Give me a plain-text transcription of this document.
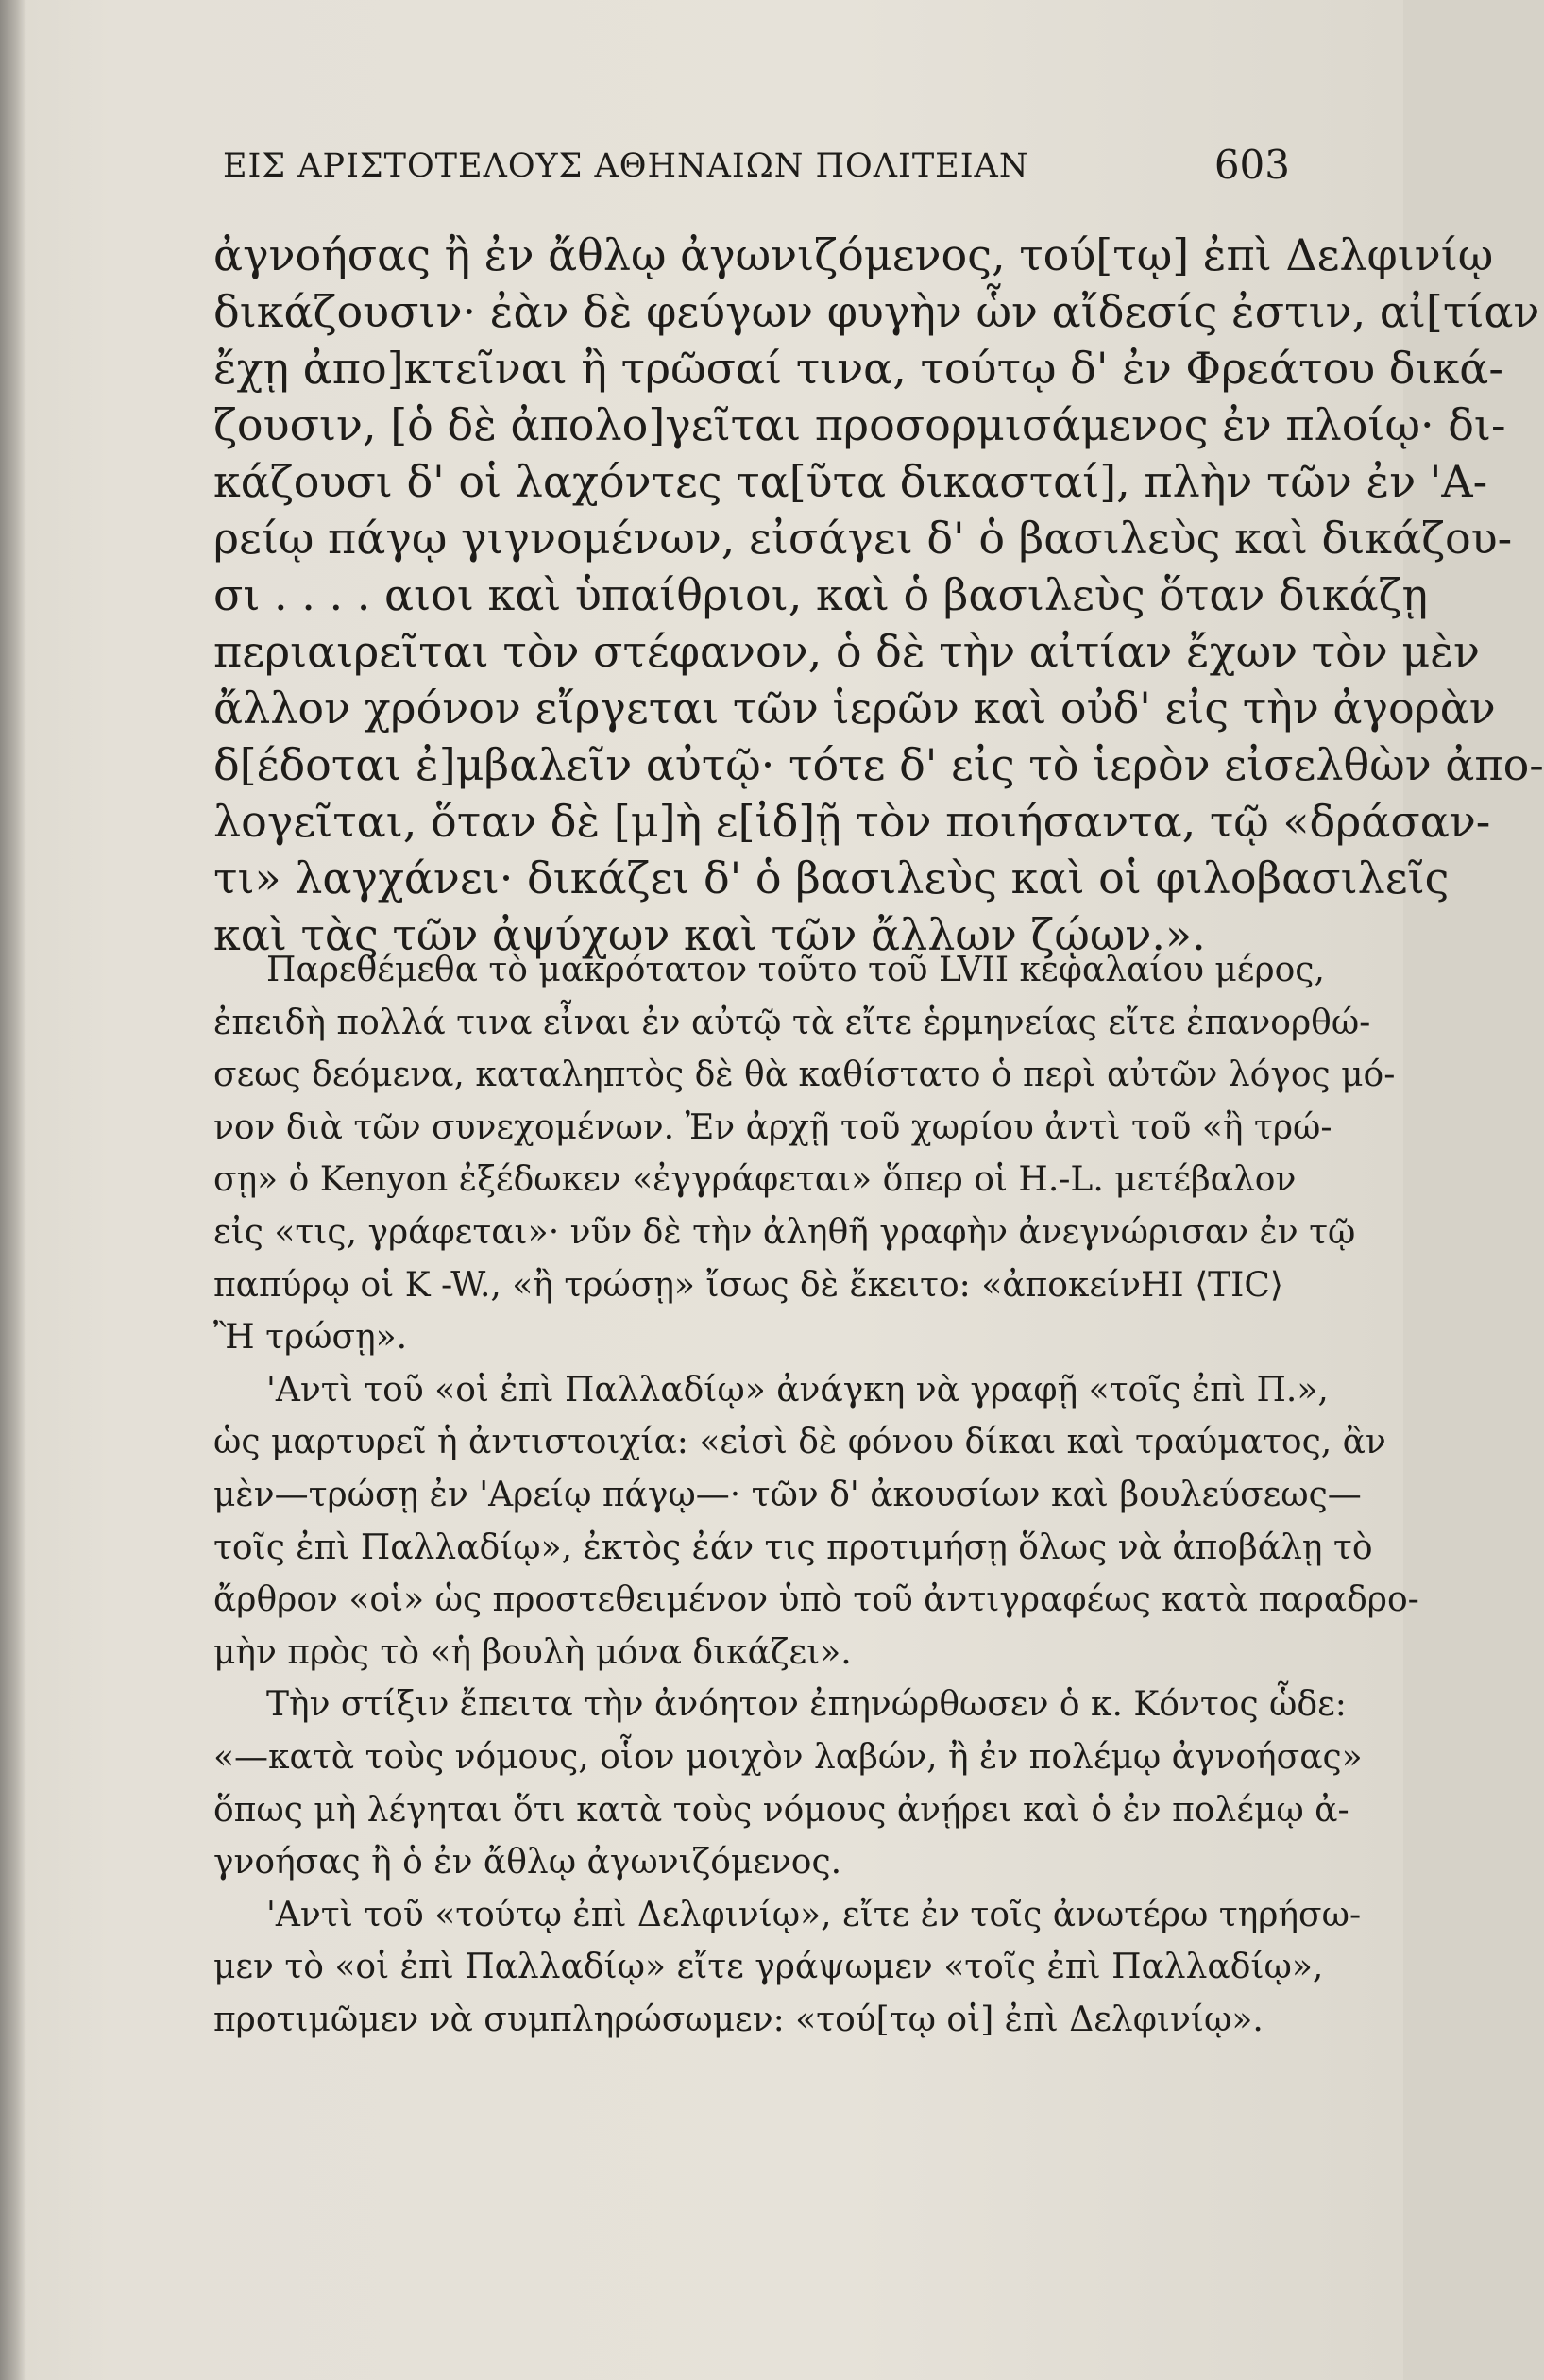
ΕΙΣ ΑΡΙΣΤΟΤΕΛΟΥΣ ΑΘΗΝΑΙΩΝ ΠΟΛΙΤΕΙΑΝ	603
ἀγνοήσας ἢ ἐν ἄθλῳ ἀγωνιζόμενος, τού[τῳ] ἐπὶ Δελφινίῳ
δικάζουσιν· ἐὰν δὲ φεύγων φυγὴν ὧν αἴδεσίς ἐστιν, αἰ[τίαν
ἔχῃ ἀπο]κτεῖναι ἢ τρῶσαί τινα, τούτῳ δ' ἐν Φρεάτου δικά-
ζουσιν, [ὁ δὲ ἀπολο]γεῖται προσορμισάμενος ἐν πλοίῳ· δι-
κάζουσι δ' οἱ λαχόντες τα[ῦτα δικασταί], πλὴν τῶν ἐν 'Α-
ρείῳ πάγῳ γιγνομένων, εἰσάγει δ' ὁ βασιλεὺς καὶ δικάζου-
σι . . . . αιοι καὶ ὑπαίθριοι, καὶ ὁ βασιλεὺς ὅταν δικάζῃ
περιαιρεῖται τὸν στέφανον, ὁ δὲ τὴν αἰτίαν ἔχων τὸν μὲν
ἄλλον χρόνον εἴργεται τῶν ἱερῶν καὶ οὐδ' εἰς τὴν ἀγορὰν
δ[έδοται ἐ]μβαλεῖν αὐτῷ· τότε δ' εἰς τὸ ἱερὸν εἰσελθὼν ἀπο-
λογεῖται, ὅταν δὲ [μ]ὴ ε[ἰδ]ῇ τὸν ποιήσαντα, τῷ «δράσαν-
τι» λαγχάνει· δικάζει δ' ὁ βασιλεὺς καὶ οἱ φιλοβασιλεῖς
καὶ τὰς τῶν ἀψύχων καὶ τῶν ἄλλων ζῴων.».
Παρεθέμεθα τὸ μακρότατον τοῦτο τοῦ LVII κεφαλαίου μέρος,
ἐπειδὴ πολλά τινα εἶναι ἐν αὐτῷ τὰ εἴτε ἑρμηνείας εἴτε ἐπανορθώ-
σεως δεόμενα, καταληπτὸς δὲ θὰ καθίστατο ὁ περὶ αὐτῶν λόγος μό-
νον διὰ τῶν συνεχομένων. Ἐν ἀρχῇ τοῦ χωρίου ἀντὶ τοῦ «ἢ τρώ-
σῃ» ὁ Kenyon ἐξέδωκεν «ἐγγράφεται» ὅπερ οἱ H.-L. μετέβαλον
εἰς «τις, γράφεται»· νῦν δὲ τὴν ἀληθῆ γραφὴν ἀνεγνώρισαν ἐν τῷ
παπύρῳ οἱ K -W., «ἢ τρώσῃ» ἴσως δὲ ἔκειτο: «ἀποκείνΗΙ ⟨ΤΙϹ⟩
Ἢ τρώσῃ».
'Αντὶ τοῦ «οἱ ἐπὶ Παλλαδίῳ» ἀνάγκη νὰ γραφῇ «τοῖς ἐπὶ Π.»,
ὡς μαρτυρεῖ ἡ ἀντιστοιχία: «εἰσὶ δὲ φόνου δίκαι καὶ τραύματος, ἂν
μὲν—τρώσῃ ἐν 'Αρείῳ πάγῳ—· τῶν δ' ἀκουσίων καὶ βουλεύσεως—
τοῖς ἐπὶ Παλλαδίῳ», ἐκτὸς ἐάν τις προτιμήσῃ ὅλως νὰ ἀποβάλῃ τὸ
ἄρθρον «οἱ» ὡς προστεθειμένον ὑπὸ τοῦ ἀντιγραφέως κατὰ παραδρο-
μὴν πρὸς τὸ «ἡ βουλὴ μόνα δικάζει».
Τὴν στίξιν ἔπειτα τὴν ἀνόητον ἐπηνώρθωσεν ὁ κ. Κόντος ὧδε:
«—κατὰ τοὺς νόμους, οἷον μοιχὸν λαβών, ἢ ἐν πολέμῳ ἀγνοήσας»
ὅπως μὴ λέγηται ὅτι κατὰ τοὺς νόμους ἀνῄρει καὶ ὁ ἐν πολέμῳ ἀ-
γνοήσας ἢ ὁ ἐν ἄθλῳ ἀγωνιζόμενος.
'Αντὶ τοῦ «τούτῳ ἐπὶ Δελφινίῳ», εἴτε ἐν τοῖς ἀνωτέρω τηρήσω-
μεν τὸ «οἱ ἐπὶ Παλλαδίῳ» εἴτε γράψωμεν «τοῖς ἐπὶ Παλλαδίῳ»,
προτιμῶμεν νὰ συμπληρώσωμεν: «τού[τῳ οἱ] ἐπὶ Δελφινίῳ».
